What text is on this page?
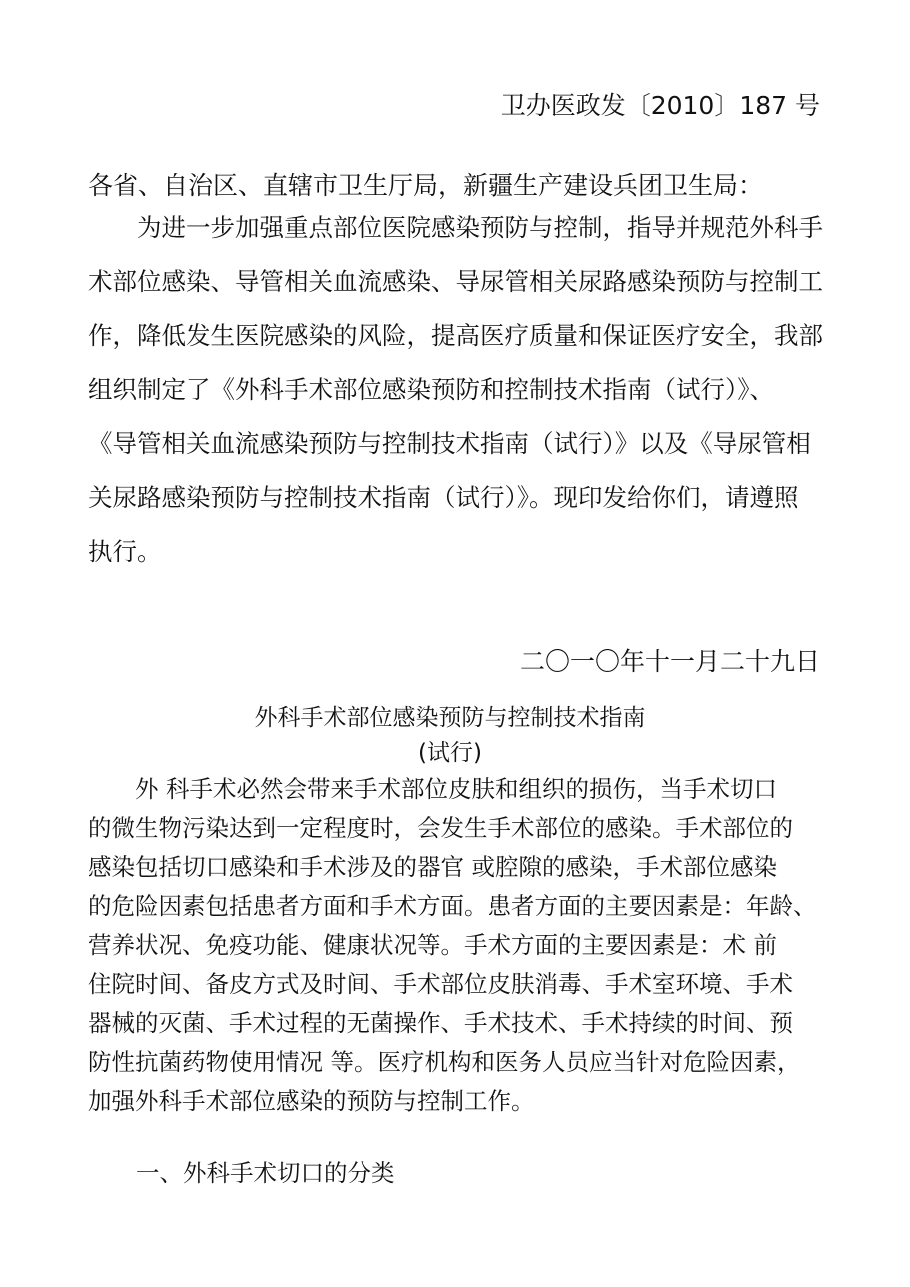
卫办医政发〔2010〕187 号
各省、自治区、直辖市卫生厅局，新疆生产建设兵团卫生局：
　　为进一步加强重点部位医院感染预防与控制，指导并规范外科手
术部位感染、导管相关血流感染、导尿管相关尿路感染预防与控制工
作，降低发生医院感染的风险，提高医疗质量和保证医疗安全，我部
组织制定了《外科手术部位感染预防和控制技术指南（试行）》、
《导管相关血流感染预防与控制技术指南（试行）》以及《导尿管相
关尿路感染预防与控制技术指南（试行）》。现印发给你们，请遵照
执行。
二〇一〇年十一月二十九日
外科手术部位感染预防与控制技术指南
(试行)
　　外 科手术必然会带来手术部位皮肤和组织的损伤，当手术切口
的微生物污染达到一定程度时，会发生手术部位的感染。手术部位的
感染包括切口感染和手术涉及的器官 或腔隙的感染，手术部位感染
的危险因素包括患者方面和手术方面。患者方面的主要因素是：年龄、
营养状况、免疫功能、健康状况等。手术方面的主要因素是：术 前
住院时间、备皮方式及时间、手术部位皮肤消毒、手术室环境、手术
器械的灭菌、手术过程的无菌操作、手术技术、手术持续的时间、预
防性抗菌药物使用情况 等。医疗机构和医务人员应当针对危险因素，
加强外科手术部位感染的预防与控制工作。
一、外科手术切口的分类
